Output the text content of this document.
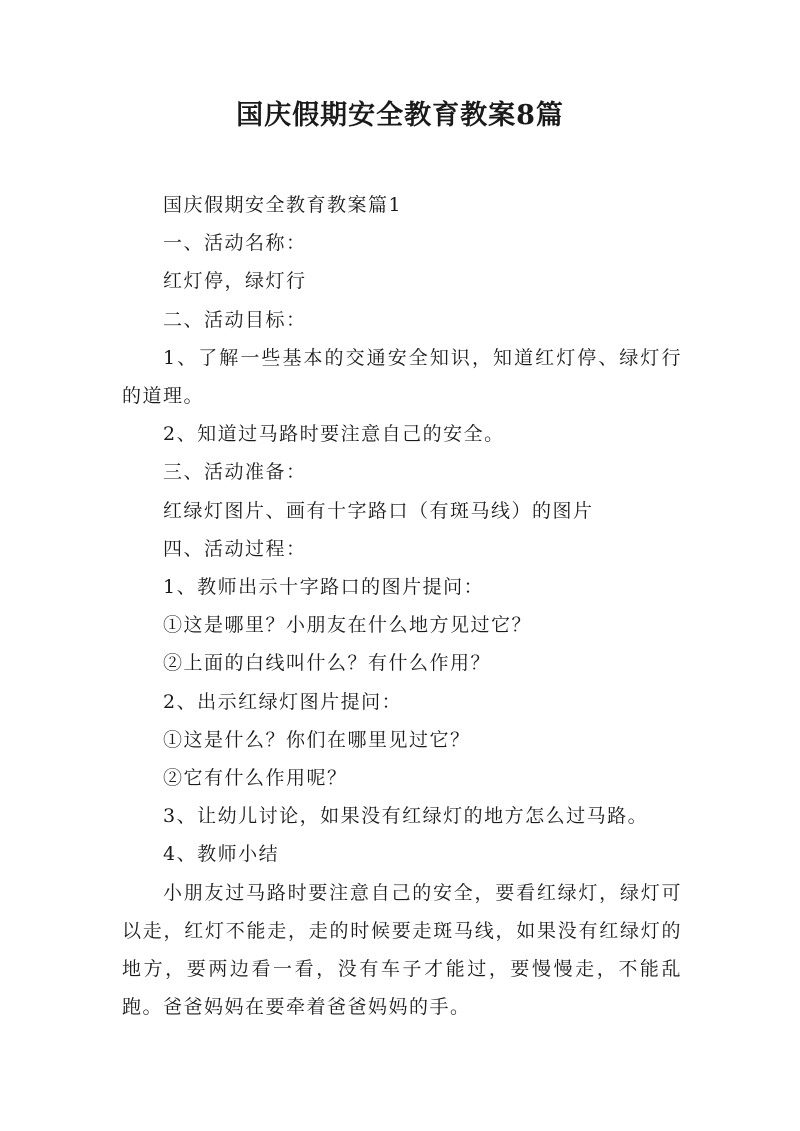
国庆假期安全教育教案8篇

国庆假期安全教育教案篇1

一、活动名称：

红灯停，绿灯行

二、活动目标：

1、了解一些基本的交通安全知识，知道红灯停、绿灯行的道理。

2、知道过马路时要注意自己的安全。

三、活动准备：

红绿灯图片、画有十字路口（有斑马线）的图片

四、活动过程：

1、教师出示十字路口的图片提问：

①这是哪里？小朋友在什么地方见过它？

②上面的白线叫什么？有什么作用？

2、出示红绿灯图片提问：

①这是什么？你们在哪里见过它？

②它有什么作用呢？

3、让幼儿讨论，如果没有红绿灯的地方怎么过马路。

4、教师小结

小朋友过马路时要注意自己的安全，要看红绿灯，绿灯可以走，红灯不能走，走的时候要走斑马线，如果没有红绿灯的地方，要两边看一看，没有车子才能过，要慢慢走，不能乱跑。爸爸妈妈在要牵着爸爸妈妈的手。
